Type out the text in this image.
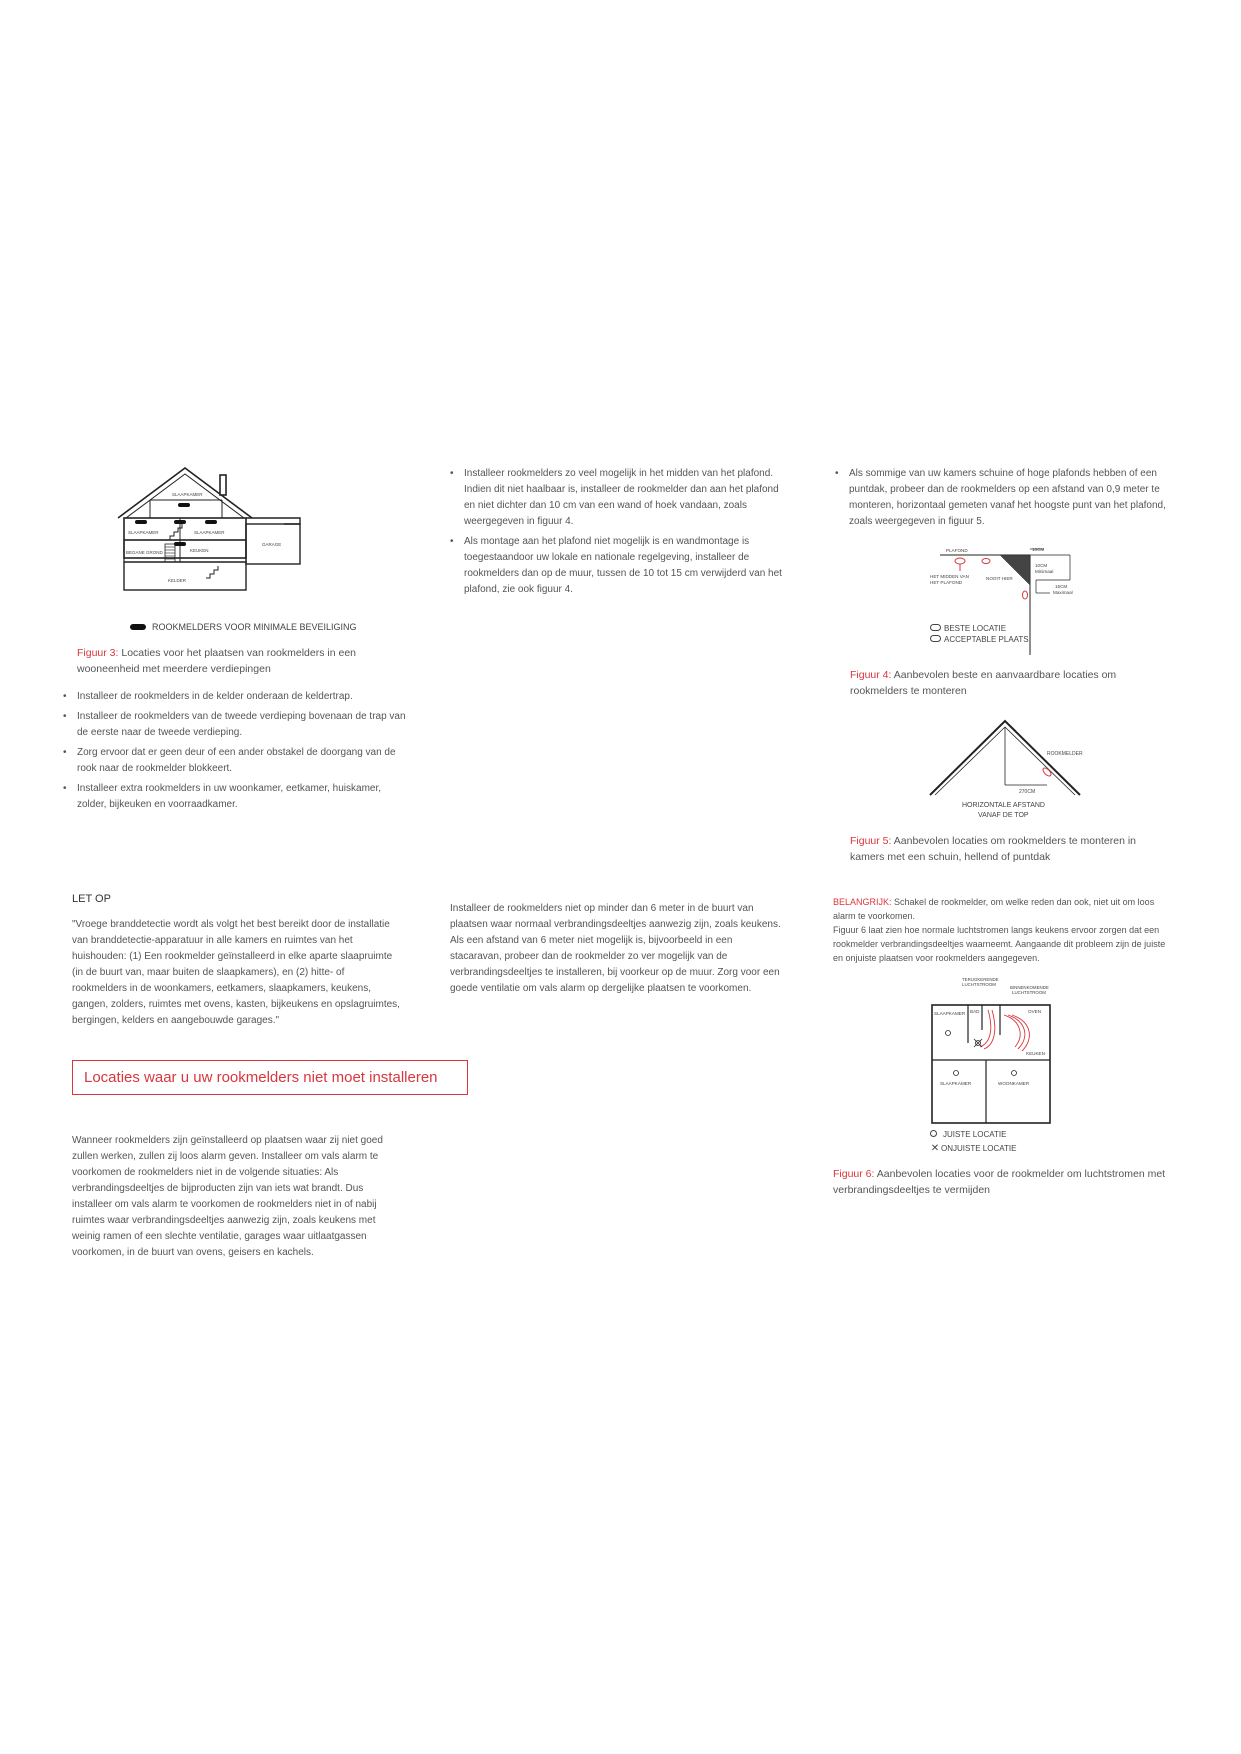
SLAAPKAMER
SLAAPKAMER	SLAAPKAMER
BEGANE GROND	KEUKEN
GARAGE
KELDER
ROOKMELDERS VOOR MINIMALE BEVEILIGING
Figuur 3: Locaties voor het plaatsen van rookmelders in een wooneenheid met meerdere verdiepingen
• Installeer de rookmelders in de kelder onderaan de keldertrap.
• Installeer de rookmelders van de tweede verdieping bovenaan de trap van de eerste naar de tweede verdieping.
• Zorg ervoor dat er geen deur of een ander obstakel de doorgang van de rook naar de rookmelder blokkeert.
• Installeer extra rookmelders in uw woonkamer, eetkamer, huiskamer, zolder, bijkeuken en voorraadkamer.
• Installeer rookmelders zo veel mogelijk in het midden van het plafond. Indien dit niet haalbaar is, installeer de rookmelder dan aan het plafond en niet dichter dan 10 cm van een wand of hoek vandaan, zoals weergegeven in figuur 4.
• Als montage aan het plafond niet mogelijk is en wandmontage is toegestaandoor uw lokale en nationale regelgeving, installeer de rookmelders dan op de muur, tussen de 10 tot 15 cm verwijderd van het plafond, zie ook figuur 4.
• Als sommige van uw kamers schuine of hoge plafonds hebben of een puntdak, probeer dan de rookmelders op een afstand van 0,9 meter te monteren, horizontaal gemeten vanaf het hoogste punt van het plafond, zoals weergegeven in figuur 5.
PLAFOND	10CM
10CM
Minimaal
HET MIDDEN VAN
HET PLAFOND
NOOIT HIER
15CM
Maximaal
BESTE LOCATIE
ACCEPTABLE PLAATS
Figuur 4: Aanbevolen beste en aanvaardbare locaties om rookmelders te monteren
ROOKMELDER
270CM
HORIZONTALE AFSTAND
VANAF DE TOP
Figuur 5: Aanbevolen locaties om rookmelders te monteren in kamers met een schuin, hellend of puntdak
LET OP
"Vroege branddetectie wordt als volgt het best bereikt door de installatie van branddetectie-apparatuur in alle kamers en ruimtes van het huishouden: (1) Een rookmelder geïnstalleerd in elke aparte slaapruimte (in de buurt van, maar buiten de slaapkamers), en (2) hitte- of rookmelders in de woonkamers, eetkamers, slaapkamers, keukens, gangen, zolders, ruimtes met ovens, kasten, bijkeukens en opslagruimtes, bergingen, kelders en aangebouwde garages."
Locaties waar u uw rookmelders niet moet installeren
Wanneer rookmelders zijn geïnstalleerd op plaatsen waar zij niet goed zullen werken, zullen zij loos alarm geven. Installeer om vals alarm te voorkomen de rookmelders niet in de volgende situaties: Als verbrandingsdeeltjes de bijproducten zijn van iets wat brandt. Dus installeer om vals alarm te voorkomen de rookmelders niet in of nabij ruimtes waar verbrandingsdeeltjes aanwezig zijn, zoals keukens met weinig ramen of een slechte ventilatie, garages waar uitlaatgassen voorkomen, in de buurt van ovens, geisers en kachels.
Installeer de rookmelders niet op minder dan 6 meter in de buurt van plaatsen waar normaal verbrandingsdeeltjes aanwezig zijn, zoals keukens. Als een afstand van 6 meter niet mogelijk is, bijvoorbeeld in een stacaravan, probeer dan de rookmelder zo ver mogelijk van de verbrandingsdeeltjes te installeren, bij voorkeur op de muur. Zorg voor een goede ventilatie om vals alarm op dergelijke plaatsen te voorkomen.
BELANGRIJK: Schakel de rookmelder, om welke reden dan ook, niet uit om loos alarm te voorkomen.
Figuur 6 laat zien hoe normale luchtstromen langs keukens ervoor zorgen dat een rookmelder verbrandingsdeeltjes waarneemt. Aangaande dit probleem zijn de juiste en onjuiste plaatsen voor rookmelders aangegeven.
TERUGKERENDE
LUCHTSTROOM
BINNENKOMENDE
LUCHTSTROOM
SLAAPKAMER BAD	OVEN
KEUKEN
SLAAPKAMER	WOONKAMER
JUISTE LOCATIE
✕ ONJUISTE LOCATIE
Figuur 6: Aanbevolen locaties voor de rookmelder om luchtstromen met verbrandingsdeeltjes te vermijden
